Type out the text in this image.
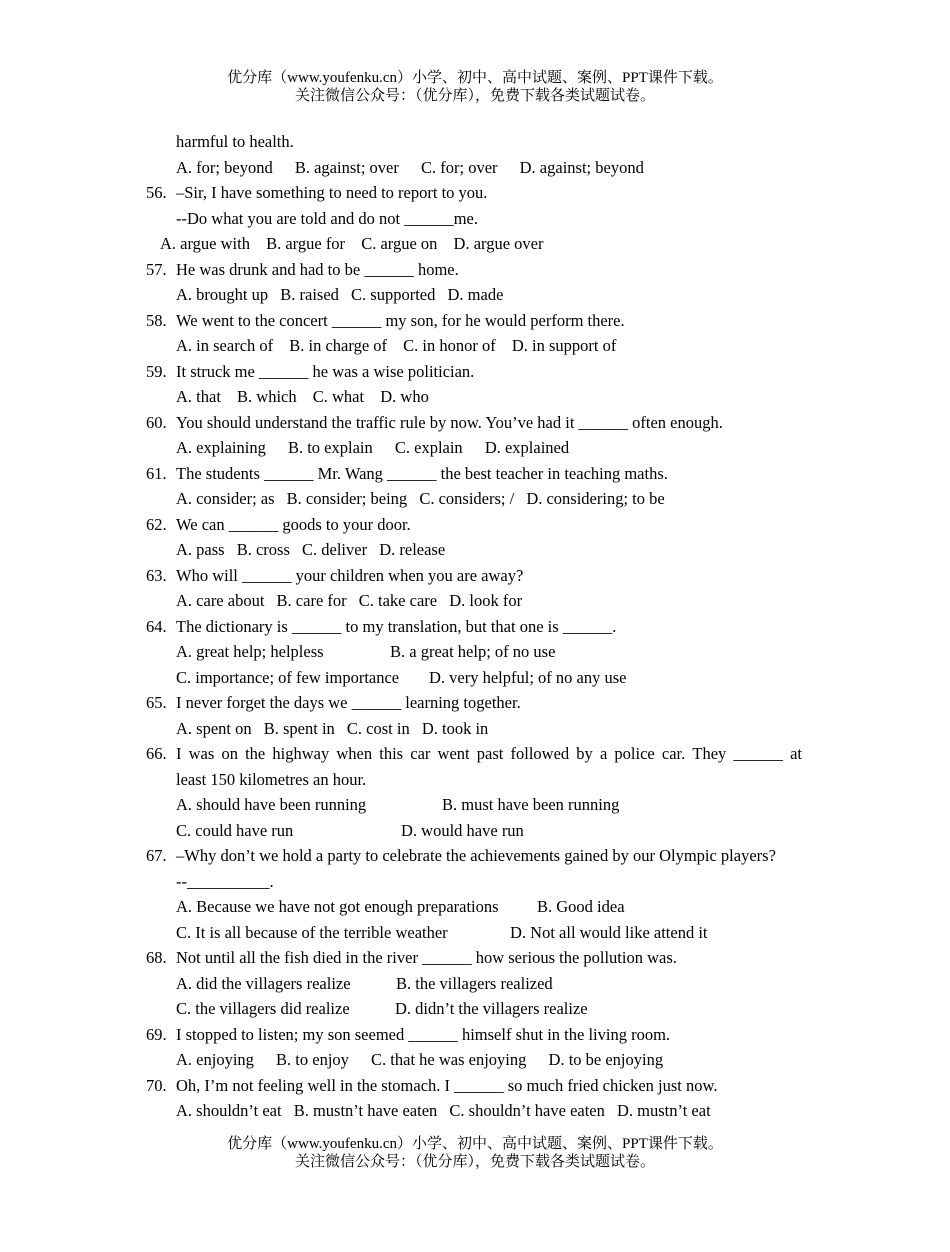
优分库（www.youfenku.cn）小学、初中、高中试题、案例、PPT课件下载。
关注微信公众号：（优分库），免费下载各类试题试卷。
harmful to health.
A. for; beyond B. against; over C. for; over D. against; beyond
56. –Sir, I have something to need to report to you.
--Do what you are told and do not ______me.
A. argue with B. argue for C. argue on D. argue over
57. He was drunk and had to be ______ home.
A. brought up B. raised C. supported D. made
58. We went to the concert ______ my son, for he would perform there.
A. in search of B. in charge of C. in honor of D. in support of
59. It struck me ______ he was a wise politician.
A. that B. which C. what D. who
60. You should understand the traffic rule by now. You’ve had it ______ often enough.
A. explaining B. to explain C. explain D. explained
61. The students ______ Mr. Wang ______ the best teacher in teaching maths.
A. consider; as B. consider; being C. considers; / D. considering; to be
62. We can ______ goods to your door.
A. pass B. cross C. deliver D. release
63. Who will ______ your children when you are away?
A. care about B. care for C. take care D. look for
64. The dictionary is ______ to my translation, but that one is ______.
A. great help; helpless	B. a great help; of no use
C. importance; of few importance D. very helpful; of no any use
65. I never forget the days we ______ learning together.
A. spent on B. spent in C. cost in D. took in
66. I was on the highway when this car went past followed by a police car. They ______ at
least 150 kilometres an hour.
A. should have been running	B. must have been running
C. could have run	D. would have run
67. –Why don’t we hold a party to celebrate the achievements gained by our Olympic players?
--__________.
A. Because we have not got enough preparations B. Good idea
C. It is all because of the terrible weather	D. Not all would like attend it
68. Not until all the fish died in the river ______ how serious the pollution was.
A. did the villagers realize	B. the villagers realized
C. the villagers did realize	D. didn’t the villagers realize
69. I stopped to listen; my son seemed ______ himself shut in the living room.
A. enjoying B. to enjoy C. that he was enjoying D. to be enjoying
70. Oh, I’m not feeling well in the stomach. I ______ so much fried chicken just now.
A. shouldn’t eat B. mustn’t have eaten C. shouldn’t have eaten D. mustn’t eat
优分库（www.youfenku.cn）小学、初中、高中试题、案例、PPT课件下载。
关注微信公众号：（优分库），免费下载各类试题试卷。
